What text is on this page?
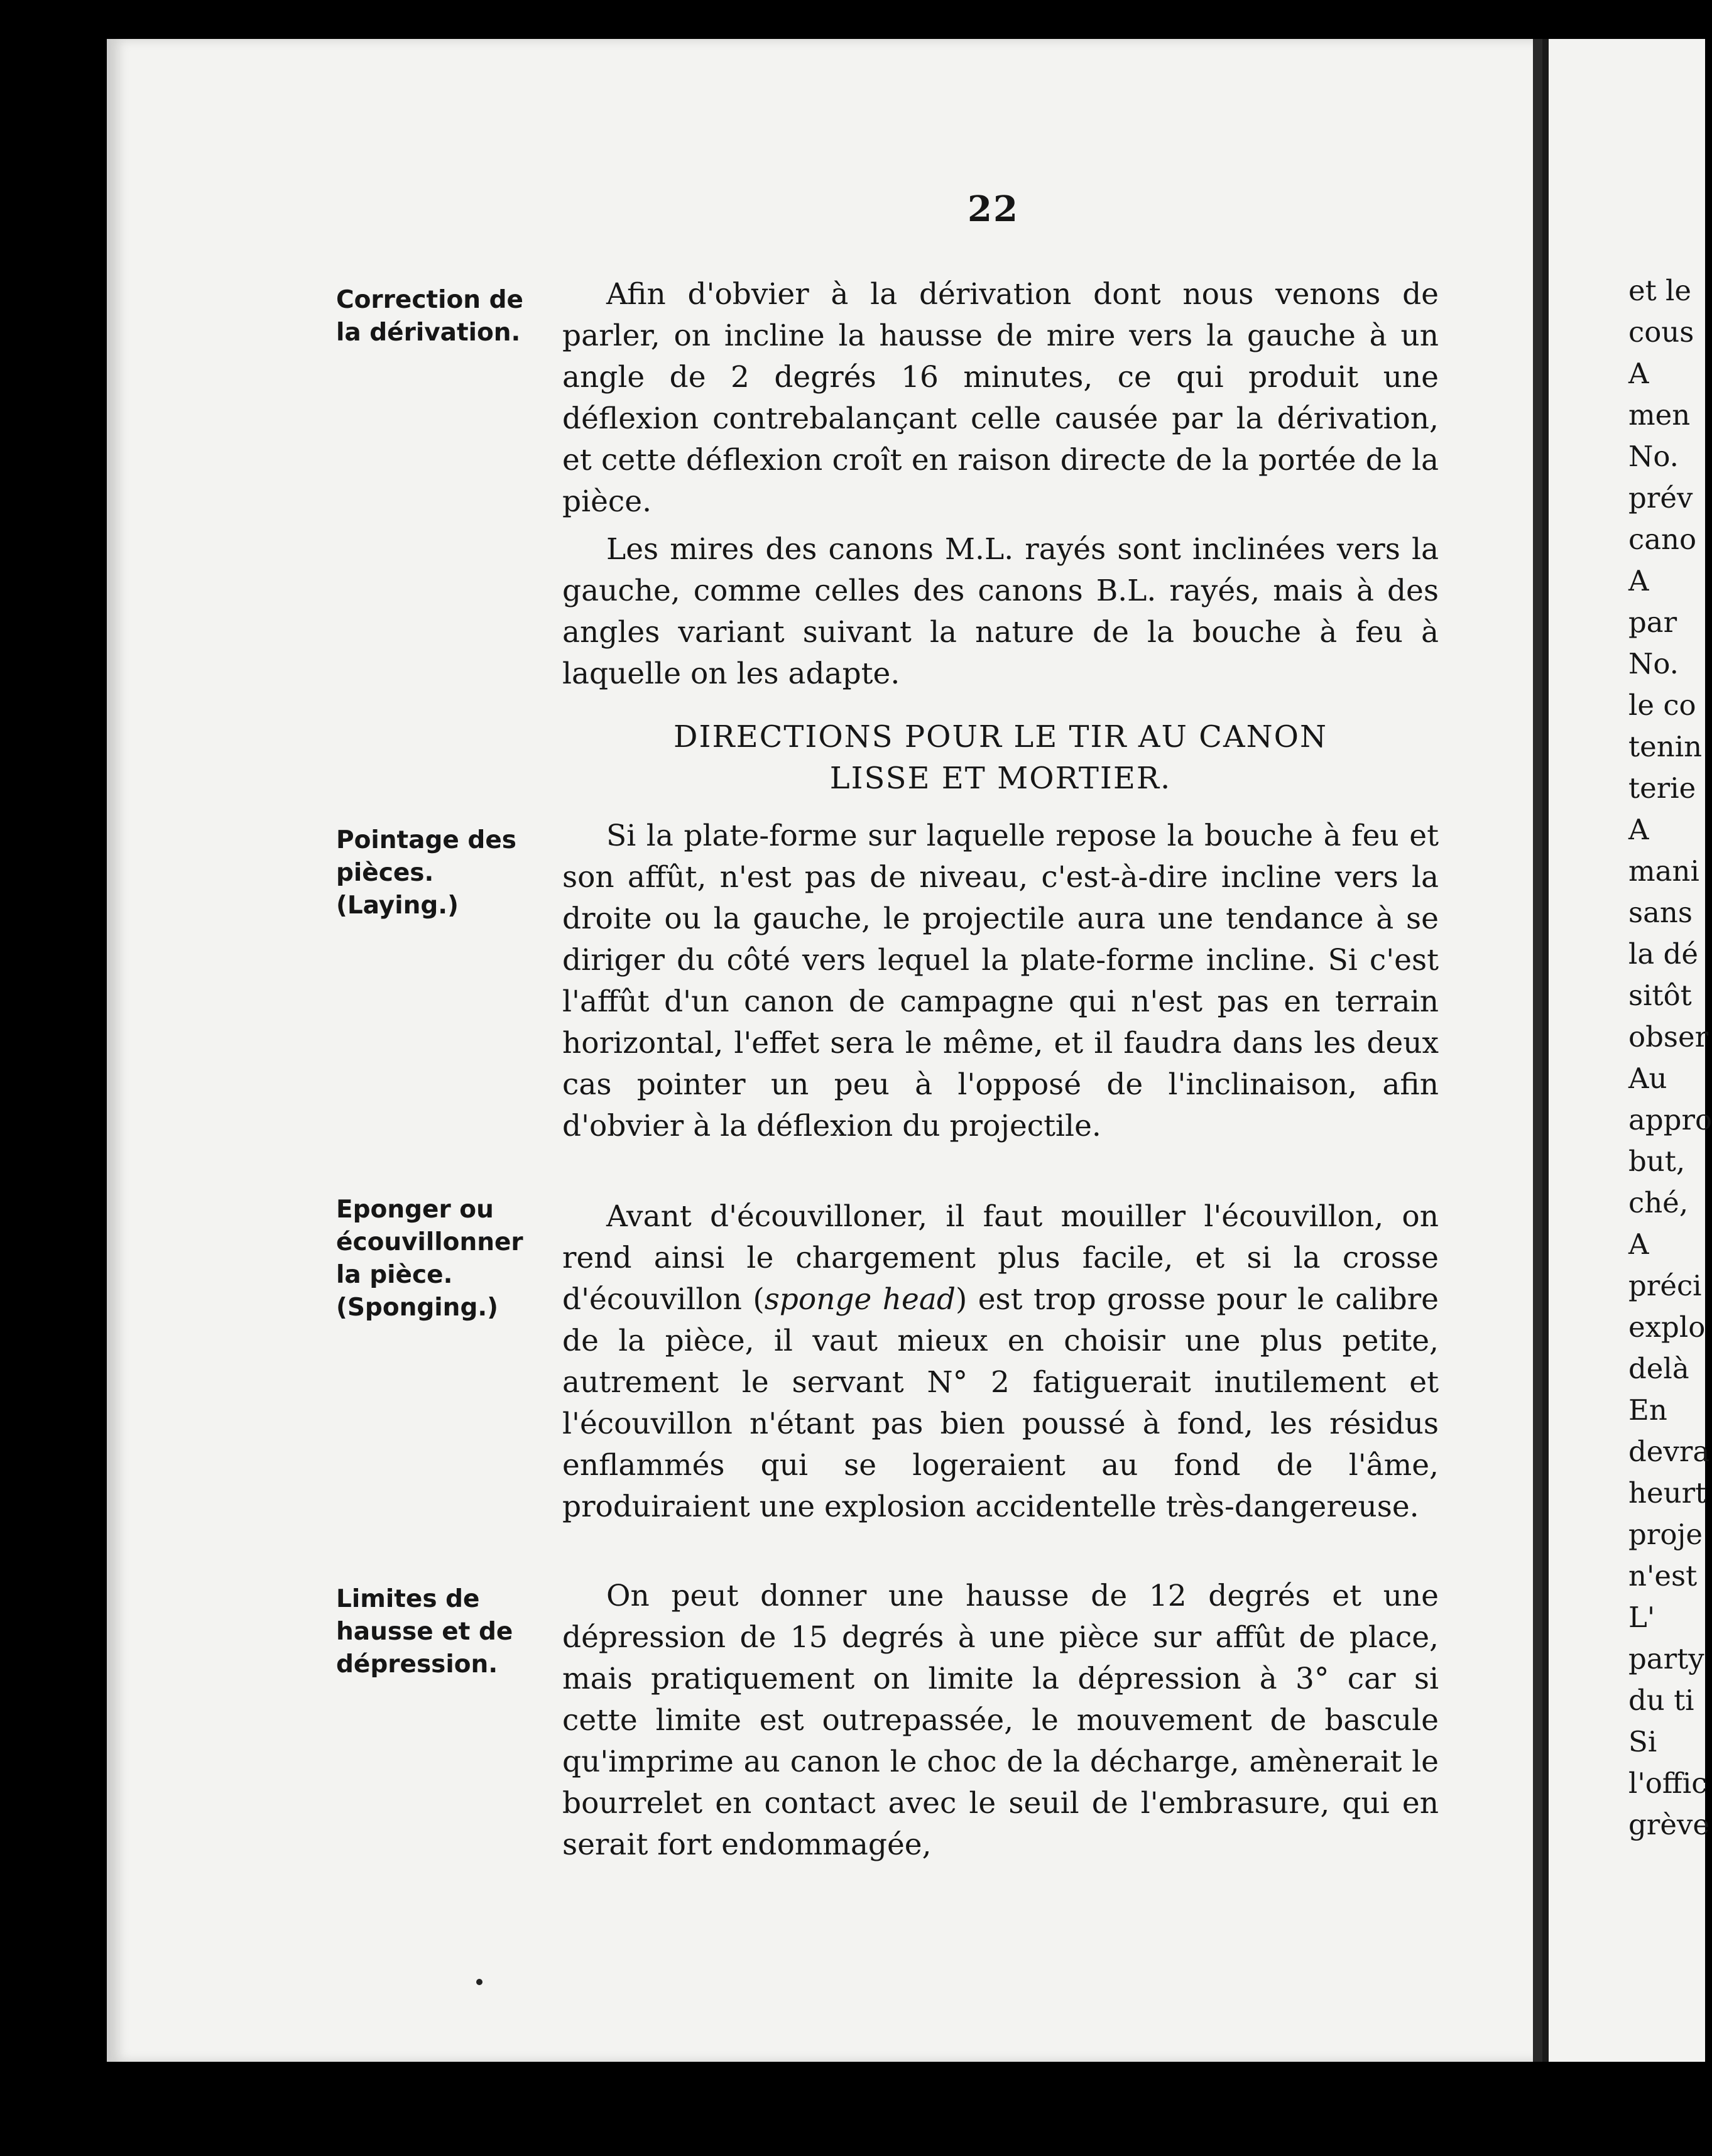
22
Correction de
la dérivation.
Pointage des
pièces.
(Laying.)
Eponger ou
écouvillonner
la pièce.
(Sponging.)
Limites de
hausse et de
dépression.

Afin d'obvier à la dérivation dont nous venons de parler, on incline la hausse de mire vers la gauche à un angle de 2 degrés 16 minutes, ce qui produit une déflexion contrebalançant celle causée par la dérivation, et cette déflexion croît en raison directe de la portée de la pièce.

Les mires des canons M.L. rayés sont inclinées vers la gauche, comme celles des canons B.L. rayés, mais à des angles variant suivant la nature de la bouche à feu à laquelle on les adapte.

DIRECTIONS POUR LE TIR AU CANON
LISSE ET MORTIER.

Si la plate-forme sur laquelle repose la bouche à feu et son affût, n'est pas de niveau, c'est-à-dire incline vers la droite ou la gauche, le projectile aura une tendance à se diriger du côté vers lequel la plate-forme incline. Si c'est l'affût d'un canon de campagne qui n'est pas en terrain horizontal, l'effet sera le même, et il faudra dans les deux cas pointer un peu à l'opposé de l'inclinaison, afin d'obvier à la déflexion du projectile.

Avant d'écouvilloner, il faut mouiller l'écouvillon, on rend ainsi le chargement plus facile, et si la crosse d'écouvillon (sponge head) est trop grosse pour le calibre de la pièce, il vaut mieux en choisir une plus petite, autrement le servant N° 2 fatiguerait inutilement et l'écouvillon n'étant pas bien poussé à fond, les résidus enflammés qui se logeraient au fond de l'âme, produiraient une explosion accidentelle très-dangereuse.

On peut donner une hausse de 12 degrés et une dépression de 15 degrés à une pièce sur affût de place, mais pratiquement on limite la dépression à 3° car si cette limite est outrepassée, le mouvement de bascule qu'imprime au canon le choc de la décharge, amènerait le bourrelet en contact avec le seuil de l'embrasure, qui en serait fort endommagée,

et le
cous
A
men
No.
prév
cano
A
par
No.
le co
tenin
terie
A
mani
sans
la dé
sitôt
obser
Au
appro
but,
ché,
A
préci
explo
delà
En
devra
heurt
proje
n'est
L'
party
du ti
Si
l'offic
grève
